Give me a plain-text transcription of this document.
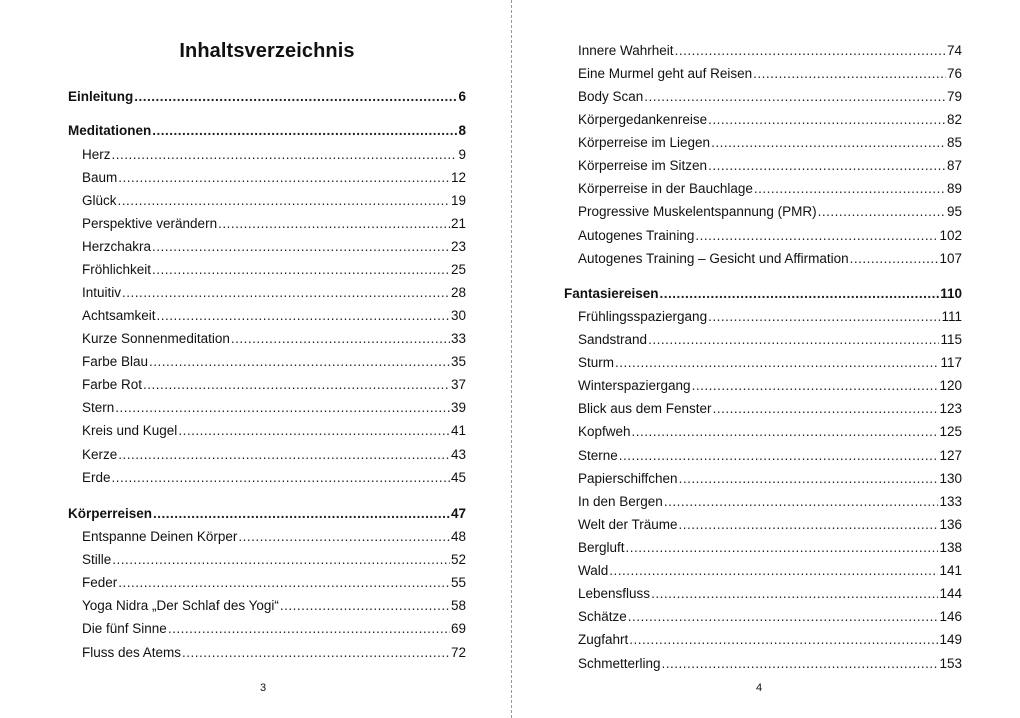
Inhaltsverzeichnis
Einleitung .....	6
Meditationen .....	8
Herz .....	9
Baum .....	12
Glück .....	19
Perspektive verändern .....	21
Herzchakra .....	23
Fröhlichkeit .....	25
Intuitiv .....	28
Achtsamkeit .....	30
Kurze Sonnenmeditation .....	33
Farbe Blau .....	35
Farbe Rot .....	37
Stern .....	39
Kreis und Kugel .....	41
Kerze .....	43
Erde .....	45
Körperreisen .....	47
Entspanne Deinen Körper .....	48
Stille .....	52
Feder .....	55
Yoga Nidra „Der Schlaf des Yogi“ .....	58
Die fünf Sinne .....	69
Fluss des Atems .....	72
3
Innere Wahrheit .....	74
Eine Murmel geht auf Reisen .....	76
Body Scan .....	79
Körpergedankenreise .....	82
Körperreise im Liegen .....	85
Körperreise im Sitzen .....	87
Körperreise in der Bauchlage .....	89
Progressive Muskelentspannung (PMR) .....	95
Autogenes Training .....	102
Autogenes Training – Gesicht und Affirmation .....	107
Fantasiereisen .....	110
Frühlingsspaziergang .....	111
Sandstrand .....	115
Sturm .....	117
Winterspaziergang .....	120
Blick aus dem Fenster .....	123
Kopfweh .....	125
Sterne .....	127
Papierschiffchen .....	130
In den Bergen .....	133
Welt der Träume .....	136
Bergluft .....	138
Wald .....	141
Lebensfluss .....	144
Schätze .....	146
Zugfahrt .....	149
Schmetterling .....	153
4
